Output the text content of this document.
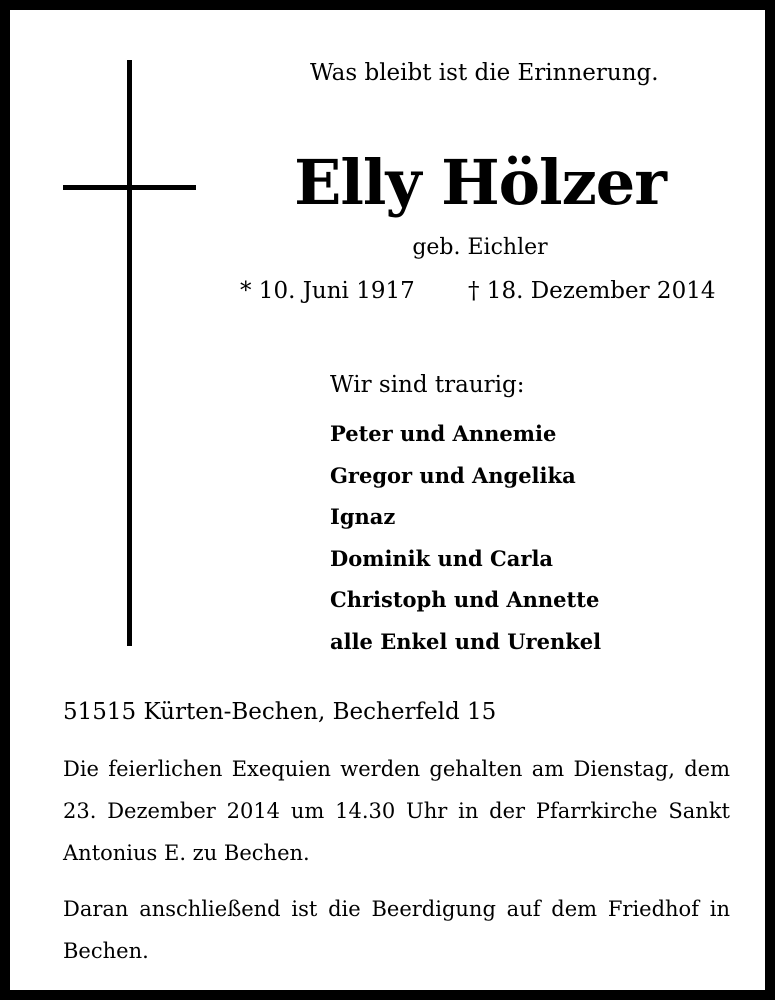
Was bleibt ist die Erinnerung.
Elly Hölzer
geb. Eichler
* 10. Juni 1917 † 18. Dezember 2014
Wir sind traurig:
Peter und Annemie
Gregor und Angelika
Ignaz
Dominik und Carla
Christoph und Annette
alle Enkel und Urenkel
51515 Kürten-Bechen, Becherfeld 15
Die feierlichen Exequien werden gehalten am Dienstag, dem 23. Dezember 2014 um 14.30 Uhr in der Pfarrkirche Sankt Antonius E. zu Bechen.
Daran anschließend ist die Beerdigung auf dem Friedhof in Bechen.
